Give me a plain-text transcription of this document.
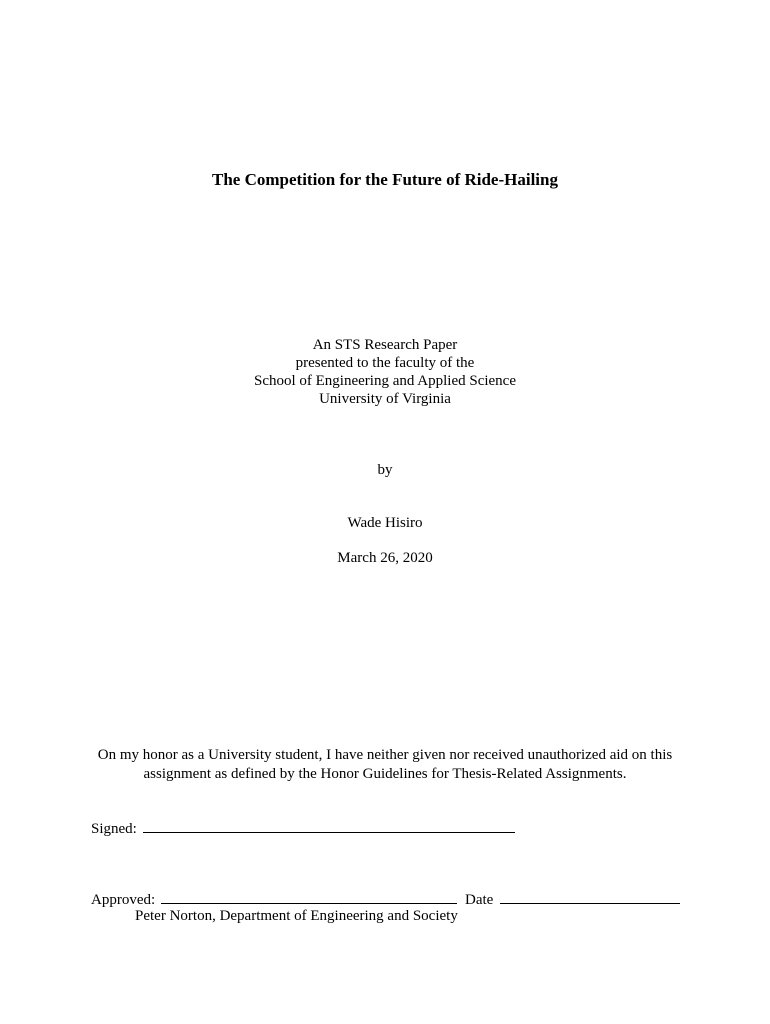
The Competition for the Future of Ride-Hailing
An STS Research Paper
presented to the faculty of the
School of Engineering and Applied Science
University of Virginia
by
Wade Hisiro
March 26, 2020
On my honor as a University student, I have neither given nor received unauthorized aid on this
assignment as defined by the Honor Guidelines for Thesis-Related Assignments.
Signed:
Approved:	Date
Peter Norton, Department of Engineering and Society
